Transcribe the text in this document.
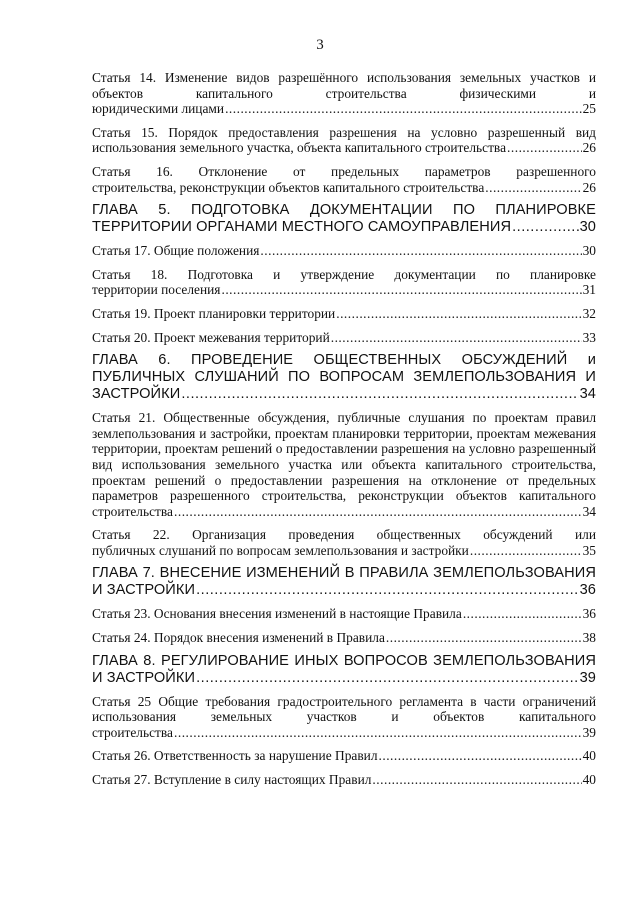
3
Статья 14. Изменение видов разрешённого использования земельных участков и объектов капитального строительства физическими и
юридическими лицами .....	25
Статья 15. Порядок предоставления разрешения на условно разрешенный вид
использования земельного участка, объекта капитального строительства .....	26
Статья 16. Отклонение от предельных параметров разрешенного
строительства, реконструкции объектов капитального строительства .....	26
ГЛАВА 5. ПОДГОТОВКА ДОКУМЕНТАЦИИ ПО ПЛАНИРОВКЕ
ТЕРРИТОРИИ ОРГАНАМИ МЕСТНОГО САМОУПРАВЛЕНИЯ .....	30
Статья 17. Общие положения .....	30
Статья 18. Подготовка и утверждение документации по планировке
территории поселения .....	31
Статья 19. Проект планировки территории .....	32
Статья 20. Проект межевания территорий .....	33
ГЛАВА 6. ПРОВЕДЕНИЕ ОБЩЕСТВЕННЫХ ОБСУЖДЕНИЙ и ПУБЛИЧНЫХ СЛУШАНИЙ ПО ВОПРОСАМ ЗЕМЛЕПОЛЬЗОВАНИЯ И
ЗАСТРОЙКИ .....	34
Статья 21. Общественные обсуждения, публичные слушания по проектам правил землепользования и застройки, проектам планировки территории, проектам межевания территории, проектам решений о предоставлении разрешения на условно разрешенный вид использования земельного участка или объекта капитального строительства, проектам решений о предоставлении разрешения на отклонение от предельных параметров разрешенного строительства, реконструкции объектов капитального
строительства .....	34
Статья 22. Организация проведения общественных обсуждений или
публичных слушаний по вопросам землепользования и застройки .....	35
ГЛАВА 7. ВНЕСЕНИЕ ИЗМЕНЕНИЙ В ПРАВИЛА ЗЕМЛЕПОЛЬЗОВАНИЯ
И ЗАСТРОЙКИ .....	36
Статья 23. Основания внесения изменений в настоящие Правила .....	36
Статья 24. Порядок внесения изменений в Правила .....	38
ГЛАВА 8. РЕГУЛИРОВАНИЕ ИНЫХ ВОПРОСОВ ЗЕМЛЕПОЛЬЗОВАНИЯ
И ЗАСТРОЙКИ .....	39
Статья 25 Общие требования градостроительного регламента в части ограничений использования земельных участков и объектов капитального
строительства .....	39
Статья 26. Ответственность за нарушение Правил .....	40
Статья 27. Вступление в силу настоящих Правил .....	40
